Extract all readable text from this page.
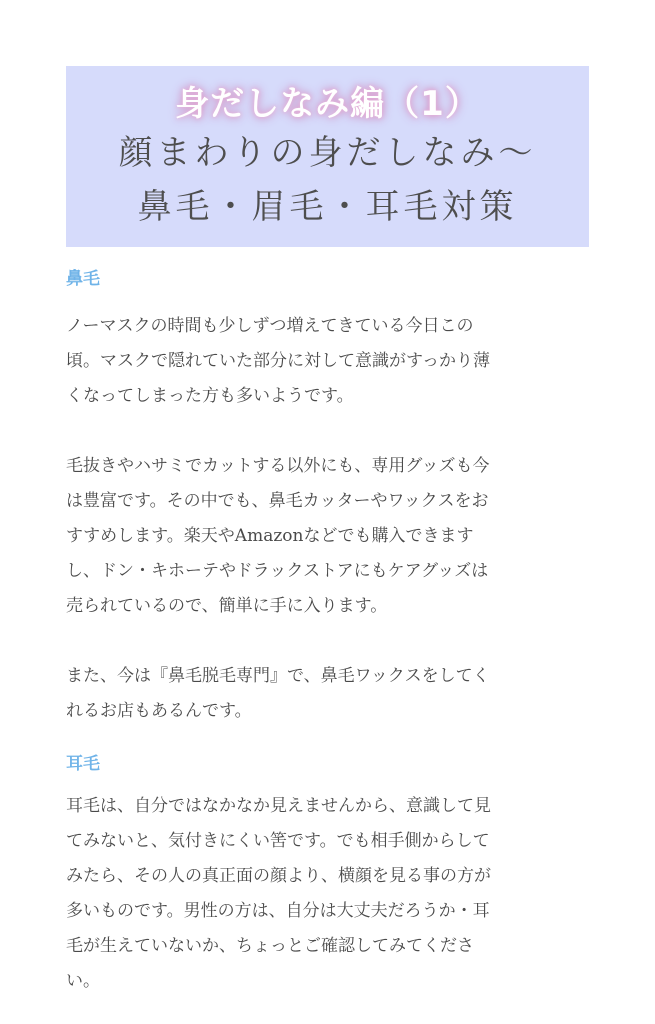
身だしなみ編（1）
顔まわりの身だしなみ〜
鼻毛・眉毛・耳毛対策
鼻毛

ノーマスクの時間も少しずつ増えてきている今日この
頃。マスクで隠れていた部分に対して意識がすっかり薄
くなってしまった方も多いようです。

毛抜きやハサミでカットする以外にも、専用グッズも今
は豊富です。その中でも、鼻毛カッターやワックスをお
すすめします。楽天やAmazonなどでも購入できます
し、ドン・キホーテやドラックストアにもケアグッズは
売られているので、簡単に手に入ります。

また、今は『鼻毛脱毛専門』で、鼻毛ワックスをしてく
れるお店もあるんです。

耳毛

耳毛は、自分ではなかなか見えませんから、意識して見
てみないと、気付きにくい筈です。でも相手側からして
みたら、その人の真正面の顔より、横顔を見る事の方が
多いものです。男性の方は、自分は大丈夫だろうか・耳
毛が生えていないか、ちょっとご確認してみてくださ
い。
